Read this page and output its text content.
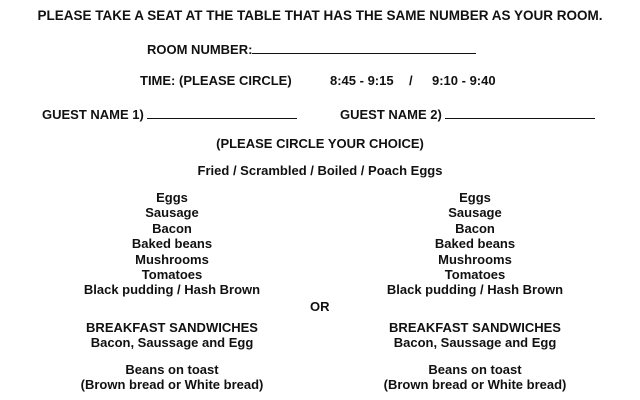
PLEASE TAKE A SEAT AT THE TABLE THAT HAS THE SAME NUMBER AS YOUR ROOM.
ROOM NUMBER:
TIME: (PLEASE CIRCLE)	8:45 - 9:15 / 9:10 - 9:40
GUEST NAME 1)	GUEST NAME 2)
(PLEASE CIRCLE YOUR CHOICE)
Fried / Scrambled / Boiled / Poach Eggs
Eggs
Sausage
Bacon
Baked beans
Mushrooms
Tomatoes
Black pudding / Hash Brown
BREAKFAST SANDWICHES
Bacon, Saussage and Egg
Beans on toast
(Brown bread or White bread)
Eggs
Sausage
Bacon
Baked beans
Mushrooms
Tomatoes
Black pudding / Hash Brown
BREAKFAST SANDWICHES
Bacon, Saussage and Egg
Beans on toast
(Brown bread or White bread)
OR
